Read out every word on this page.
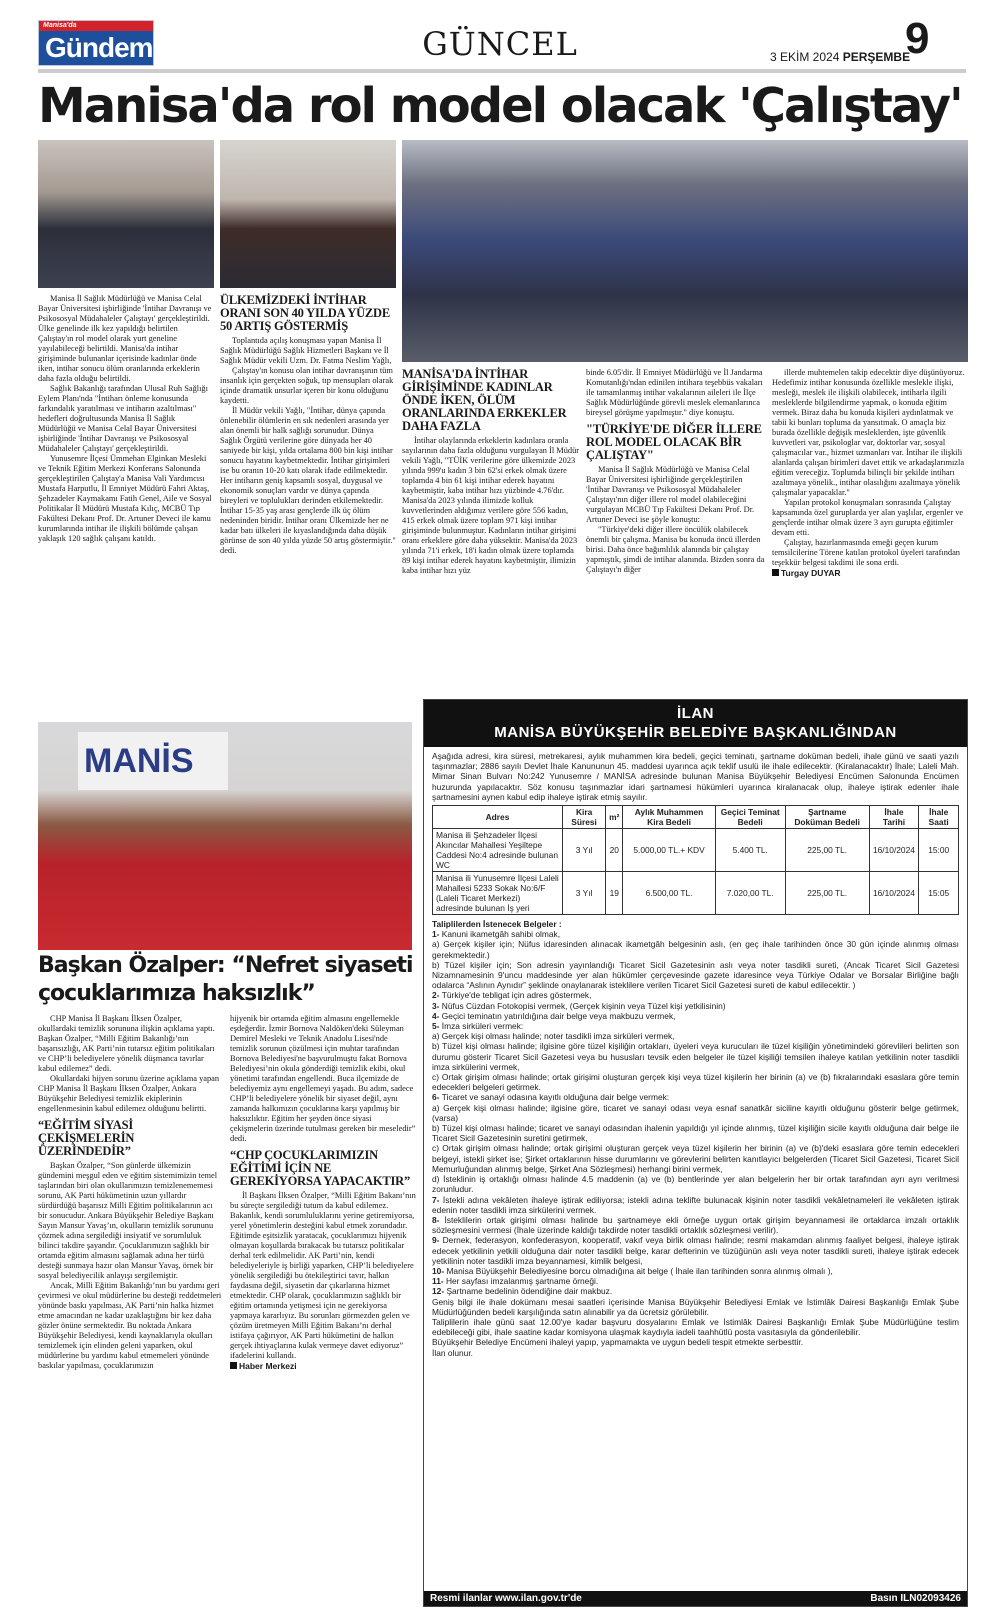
Manisa'da
Gündem	GÜNCEL	3 EKİM 2024 PERŞEMBE
9
Manisa'da rol model olacak 'Çalıştay'

Manisa İl Sağlık Müdürlüğü ve Manisa Celal Bayar Üniversitesi işbirliğinde 'İntihar Davranışı ve Psikososyal Müdahaleler Çalıştayı' gerçekleştirildi. Ülke genelinde ilk kez yapıldığı belirtilen Çalıştay'ın rol model olarak yurt geneline yayılabileceği belirtildi. Manisa'da intihar girişiminde bulunanlar içerisinde kadınlar önde iken, intihar sonucu ölüm oranlarında erkeklerin daha fazla olduğu belirtildi.

Sağlık Bakanlığı tarafından Ulusal Ruh Sağlığı Eylem Planı'nda "İntiharı önleme konusunda farkındalık yaratılması ve intiharın azaltılması" hedefleri doğrultusunda Manisa İl Sağlık Müdürlüğü ve Manisa Celal Bayar Üniversitesi işbirliğinde 'İntihar Davranışı ve Psikososyal Müdahaleler Çalıştayı' gerçekleştirildi.

Yunusemre İlçesi Ümmehan Elginkan Mesleki ve Teknik Eğitim Merkezi Konferans Salonunda gerçekleştirilen Çalıştay'a Manisa Vali Yardımcısı Mustafa Harputlu, İl Emniyet Müdürü Fahri Aktaş, Şehzadeler Kaymakamı Fatih Genel, Aile ve Sosyal Politikalar İl Müdürü Mustafa Kılıç, MCBÜ Tıp Fakültesi Dekanı Prof. Dr. Artuner Deveci ile kamu kurumlarında intihar ile ilişkili bölümde çalışan yaklaşık 120 sağlık çalışanı katıldı.

ÜLKEMİZDEKİ İNTİHAR ORANI SON 40 YILDA YÜZDE 50 ARTIŞ GÖSTERMİŞ

Toplantıda açılış konuşması yapan Manisa İl Sağlık Müdürlüğü Sağlık Hizmetleri Başkanı ve İl Sağlık Müdür vekili Uzm. Dr. Fatma Neslim Yağlı,

Çalıştay'ın konusu olan intihar davranışının tüm insanlık için gerçekten soğuk, tıp mensupları olarak içinde dramatik unsurlar içeren bir konu olduğunu kaydetti.

İl Müdür vekili Yağlı, "İntihar, dünya çapında önlenebilir ölümlerin en sık nedenleri arasında yer alan önemli bir halk sağlığı sorunudur. Dünya Sağlık Örgütü verilerine göre dünyada her 40 saniyede bir kişi, yılda ortalama 800 bin kişi intihar sonucu hayatını kaybetmektedir. İntihar girişimleri ise bu oranın 10-20 katı olarak ifade edilmektedir. Her intiharın geniş kapsamlı sosyal, duygusal ve ekonomik sonuçları vardır ve dünya çapında bireyleri ve toplulukları derinden etkilemektedir. İntihar 15-35 yaş arası gençlerde ilk üç ölüm nedeninden biridir. İntihar oranı Ülkemizde her ne kadar batı ülkeleri ile kıyaslandığında daha düşük görünse de son 40 yılda yüzde 50 artış göstermiştir." dedi.

MANİSA'DA İNTİHAR GİRİŞİMİNDE KADINLAR ÖNDE İKEN, ÖLÜM ORANLARINDA ERKEKLER DAHA FAZLA

İntihar olaylarında erkeklerin kadınlara oranla sayılarının daha fazla olduğunu vurgulayan İl Müdür vekili Yağlı, "TÜİK verilerine göre ülkemizde 2023 yılında 999'u kadın 3 bin 62'si erkek olmak üzere toplamda 4 bin 61 kişi intihar ederek hayatını kaybetmiştir, kaba intihar hızı yüzbinde 4.76'dır. Manisa'da 2023 yılında ilimizde kolluk kuvvetlerinden aldığımız verilere göre 556 kadın, 415 erkek olmak üzere toplam 971 kişi intihar girişiminde bulunmuştur. Kadınların intihar girişimi oranı erkeklere göre daha yüksektir. Manisa'da 2023 yılında 71'i erkek, 18'i kadın olmak üzere toplamda 89 kişi intihar ederek hayatını kaybetmiştir, ilimizin kaba intihar hızı yüz

binde 6.05'dir. İl Emniyet Müdürlüğü ve İl Jandarma Komutanlığı'ndan edinilen intihara teşebbüs vakaları ile tamamlanmış intihar vakalarının aileleri ile İlçe Sağlık Müdürlüğünde görevli meslek elemanlarınca bireysel görüşme yapılmıştır." diye konuştu.

"TÜRKİYE'DE DİĞER İLLERE ROL MODEL OLACAK BİR ÇALIŞTAY"

Manisa İl Sağlık Müdürlüğü ve Manisa Celal Bayar Üniversitesi işbirliğinde gerçekleştirilen 'İntihar Davranışı ve Psikososyal Müdahaleler Çalıştayı'nın diğer illere rol model olabileceğini vurgulayan MCBÜ Tıp Fakültesi Dekanı Prof. Dr. Artuner Deveci ise şöyle konuştu:

"Türkiye'deki diğer illere öncülük olabilecek önemli bir çalışma. Manisa bu konuda öncü illerden birisi. Daha önce bağımlılık alanında bir çalıştay yapmıştık, şimdi de intihar alanında. Bizden sonra da Çalıştayı'n diğer

illerde muhtemelen takip edecektir diye düşünüyoruz. Hedefimiz intihar konusunda özellikle meslekle ilişki, mesleği, meslek ile ilişkili olabilecek, intiharla ilgili mesleklerde bilgilendirme yapmak, o konuda eğitim vermek. Biraz daha bu konuda kişileri aydınlatmak ve tabii ki bunları topluma da yansıtmak. O amaçla biz burada özellikle değişik mesleklerden, işte güvenlik kuvvetleri var, psikologlar var, doktorlar var, sosyal çalışmacılar var., hizmet uzmanları var. İntihar ile ilişkili alanlarda çalışan birimleri davet ettik ve arkadaşlarımızla eğitim vereceğiz. Toplumda bilinçli bir şekilde intiharı azaltmaya yönelik., intihar olasılığını azaltmaya yönelik çalışmalar yapacaklar."

Yapılan protokol konuşmaları sonrasında Çalıştay kapsamında özel guruplarda yer alan yaşlılar, ergenler ve gençlerde intihar olmak üzere 3 ayrı gurupta eğitimler devam etti.

Çalıştay, hazırlanmasında emeği geçen kurum temsilcilerine Törene katılan protokol üyeleri tarafından teşekkür belgesi takdimi ile sona erdi.

Turgay DUYAR
MANİS
Başkan Özalper: “Nefret siyaseti çocuklarımıza haksızlık”

CHP Manisa İl Başkanı İlksen Özalper, okullardaki temizlik sorununa ilişkin açıklama yaptı. Başkan Özalper, “Milli Eğitim Bakanlığı’nın başarısızlığı, AK Parti’nin tutarsız eğitim politikaları ve CHP’li belediyelere yönelik düşmanca tavırlar kabul edilemez” dedi.

Okullardaki hijyen sorunu üzerine açıklama yapan CHP Manisa İl Başkanı İlksen Özalper, Ankara Büyükşehir Belediyesi temizlik ekiplerinin engellenmesinin kabul edilemez olduğunu belirtti.

“EĞİTİM SİYASİ ÇEKİŞMELERİN ÜZERİNDEDİR”

Başkan Özalper, “Son günlerde ülkemizin gündemini meşgul eden ve eğitim sistemimizin temel taşlarından biri olan okullarımızın temizlenememesi sorunu, AK Parti hükümetinin uzun yıllardır sürdürdüğü başarısız Milli Eğitim politikalarının acı bir sonucudur. Ankara Büyükşehir Belediye Başkanı Sayın Mansur Yavaş’ın, okulların temizlik sorununu çözmek adına sergilediği insiyatif ve sorumluluk bilinci takdire şayandır. Çocuklarımızın sağlıklı bir ortamda eğitim almasını sağlamak adına her türlü desteği sunmaya hazır olan Mansur Yavaş, örnek bir sosyal belediyecilik anlayışı sergilemiştir.

Ancak, Milli Eğitim Bakanlığı’nın bu yardımı geri çevirmesi ve okul müdürlerine bu desteği reddetmeleri yönünde baskı yapılması, AK Parti’nin halka hizmet etme amacından ne kadar uzaklaştığını bir kez daha gözler önüne sermektedir. Bu noktada Ankara Büyükşehir Belediyesi, kendi kaynaklarıyla okulları temizlemek için elinden geleni yaparken, okul müdürlerine bu yardımı kabul etmemeleri yönünde baskılar yapılması, çocuklarımızın

hijyenik bir ortamda eğitim almasını engellemekle eşdeğerdir. İzmir Bornova Naldöken'deki Süleyman Demirel Mesleki ve Teknik Anadolu Lisesi'nde temizlik sorunun çözülmesi için muhtar tarafından Bornova Belediyesi'ne başvurulmuştu fakat Bornova Belediyesi’nin okula gönderdiği temizlik ekibi, okul yönetimi tarafından engellendi. Buca ilçemizde de belediyemiz aynı engellemeyi yaşadı. Bu adım, sadece CHP’li belediyelere yönelik bir siyaset değil, aynı zamanda halkımızın çocuklarına karşı yapılmış bir haksızlıktır. Eğitim her şeyden önce siyasi çekişmelerin üzerinde tutulması gereken bir meseledir” dedi.

“CHP ÇOCUKLARIMIZIN EĞİTİMİ İÇİN NE GEREKİYORSA YAPACAKTIR”

İl Başkanı İlksen Özalper, “Milli Eğitim Bakanı’nın bu süreçte sergilediği tutum da kabul edilemez. Bakanlık, kendi sorumluluklarını yerine getiremiyorsa, yerel yönetimlerin desteğini kabul etmek zorundadır. Eğitimde eşitsizlik yaratacak, çocuklarımızı hijyenik olmayan koşullarda bırakacak bu tutarsız politikalar derhal terk edilmelidir. AK Parti’nin, kendi belediyeleriyle iş birliği yaparken, CHP’li belediyelere yönelik sergilediği bu ötekileştirici tavır, halkın faydasına değil, siyasetin dar çıkarlarına hizmet etmektedir. CHP olarak, çocuklarımızın sağlıklı bir eğitim ortamında yetişmesi için ne gerekiyorsa yapmaya kararlıyız. Bu sorunları görmezden gelen ve çözüm üretmeyen Milli Eğitim Bakanı’nı derhal istifaya çağırıyor, AK Parti hükümetini de halkın gerçek ihtiyaçlarına kulak vermeye davet ediyoruz” ifadelerini kullandı.

Haber Merkezi
İLAN
MANİSA BÜYÜKŞEHİR BELEDİYE BAŞKANLIĞINDAN
Aşağıda adresi, kira süresi, metrekaresi, aylık muhammen kira bedeli, geçici teminatı, şartname doküman bedeli, ihale günü ve saati yazılı taşınmazlar; 2886 sayılı Devlet İhale Kanununun 45. maddesi uyarınca açık teklif usulü ile ihale edilecektir. (Kiralanacaktır) İhale; Laleli Mah. Mimar Sinan Bulvarı No:242 Yunusemre / MANİSA adresinde bulunan Manisa Büyükşehir Belediyesi Encümen Salonunda Encümen huzurunda yapılacaktır. Söz konusu taşınmazlar idari şartnamesi hükümleri uyarınca kiralanacak olup, ihaleye iştirak edenler ihale şartnamesini aynen kabul edip ihaleye iştirak etmiş sayılır.
Adres	Kira Süresi	m²	Aylık Muhammen Kira Bedeli	Geçici Teminat Bedeli	Şartname Doküman Bedeli	İhale Tarihi	İhale Saati
Manisa ili Şehzadeler İlçesi Akıncılar Mahallesi Yeşiltepe Caddesi No:4 adresinde bulunan WC	3 Yıl	20	5.000,00 TL.+ KDV	5.400 TL.	225,00 TL.	16/10/2024	15:00
Manisa ili Yunusemre İlçesi Laleli Mahallesi 5233 Sokak No:6/F (Laleli Ticaret Merkezi) adresinde bulunan İş yeri	3 Yıl	19	6.500,00 TL.	7.020,00 TL.	225,00 TL.	16/10/2024	15:05
Taliplilerden İstenecek Belgeler :
1- Kanuni ikametgâh sahibi olmak,
a) Gerçek kişiler için; Nüfus idaresinden alınacak ikametgâh belgesinin aslı, (en geç ihale tarihinden önce 30 gün içinde alınmış olması gerekmektedir.)
b) Tüzel kişiler için; Son adresin yayınlandığı Ticaret Sicil Gazetesinin aslı veya noter tasdikli sureti, (Ancak Ticaret Sicil Gazetesi Nizamnamesinin 9'uncu maddesinde yer alan hükümler çerçevesinde gazete idaresince veya Türkiye Odalar ve Borsalar Birliğine bağlı odalarca “Aslının Aynıdır” şeklinde onaylanarak isteklilere verilen Ticaret Sicil Gazetesi sureti de kabul edilecektir. )
2- Türkiye'de tebligat için adres göstermek,
3- Nüfus Cüzdan Fotokopisi vermek, (Gerçek kişinin veya Tüzel kişi yetkilisinin)
4- Geçici teminatın yatırıldığına dair belge veya makbuzu vermek,
5- İmza sirküleri vermek:
a) Gerçek kişi olması halinde; noter tasdikli imza sirküleri vermek,
b) Tüzel kişi olması halinde; ilgisine göre tüzel kişiliğin ortakları, üyeleri veya kurucuları ile tüzel kişiliğin yönetimindeki görevlileri belirten son durumu gösterir Ticaret Sicil Gazetesi veya bu hususları tevsik eden belgeler ile tüzel kişiliği temsilen ihaleye katılan yetkilinin noter tasdikli imza sirkülerini vermek,
c) Ortak girişim olması halinde; ortak girişimi oluşturan gerçek kişi veya tüzel kişilerin her birinin (a) ve (b) fıkralarındaki esaslara göre temin edecekleri belgeleri getirmek.
6- Ticaret ve sanayi odasına kayıtlı olduğuna dair belge vermek:
a) Gerçek kişi olması halinde; ilgisine göre, ticaret ve sanayi odası veya esnaf sanatkâr siciline kayıtlı olduğunu gösterir belge getirmek, (varsa)
b) Tüzel kişi olması halinde; ticaret ve sanayi odasından ihalenin yapıldığı yıl içinde alınmış, tüzel kişiliğin sicile kayıtlı olduğuna dair belge ile Ticaret Sicil Gazetesinin suretini getirmek,
c) Ortak girişim olması halinde; ortak girişimi oluşturan gerçek veya tüzel kişilerin her birinin (a) ve (b)'deki esaslara göre temin edecekleri belgeyi, istekli şirket ise; Şirket ortaklarının hisse durumlarını ve görevlerini belirten kanıtlayıcı belgelerden (Ticaret Sicil Gazetesi, Ticaret Sicil Memurluğundan alınmış belge, Şirket Ana Sözleşmesi) herhangi birini vermek,
d) İsteklinin iş ortaklığı olması halinde 4.5 maddenin (a) ve (b) bentlerinde yer alan belgelerin her bir ortak tarafından ayrı ayrı verilmesi zorunludur.
7- İstekli adına vekâleten ihaleye iştirak ediliyorsa; istekli adına teklifte bulunacak kişinin noter tasdikli vekâletnameleri ile vekâleten iştirak edenin noter tasdikli imza sirkülerini vermek.
8- İsteklilerin ortak girişimi olması halinde bu şartnameye ekli örneğe uygun ortak girişim beyannamesi ile ortaklarca imzalı ortaklık sözleşmesini vermesi (İhale üzerinde kaldığı takdirde noter tasdikli ortaklık sözleşmesi verilir).
9- Dernek, federasyon, konfederasyon, kooperatif, vakıf veya birlik olması halinde; resmi makamdan alınmış faaliyet belgesi, ihaleye iştirak edecek yetkilinin yetkili olduğuna dair noter tasdikli belge, karar defterinin ve tüzüğünün aslı veya noter tasdikli sureti, ihaleye iştirak edecek yetkilinin noter tasdikli imza beyannamesi, kimlik belgesi,
10- Manisa Büyükşehir Belediyesine borcu olmadığına ait belge ( İhale ilan tarihinden sonra alınmış olmalı ),
11- Her sayfası imzalanmış şartname örneği.
12- Şartname bedelinin ödendiğine dair makbuz.
Geniş bilgi ile ihale dokümanı mesai saatleri içerisinde Manisa Büyükşehir Belediyesi Emlak ve İstimlâk Dairesi Başkanlığı Emlak Şube Müdürlüğünden bedeli karşılığında satın alınabilir ya da ücretsiz görülebilir.
Taliplilerin ihale günü saat 12.00'ye kadar başvuru dosyalarını Emlak ve İstimlâk Dairesi Başkanlığı Emlak Şube Müdürlüğüne teslim edebileceği gibi, ihale saatine kadar komisyona ulaşmak kaydıyla iadeli taahhütlü posta vasıtasıyla da gönderilebilir.
Büyükşehir Belediye Encümeni ihaleyi yapıp, yapmamakta ve uygun bedeli tespit etmekte serbesttir.
İlan olunur.
Resmi ilanlar www.ilan.gov.tr'de	Basın ILN02093426
